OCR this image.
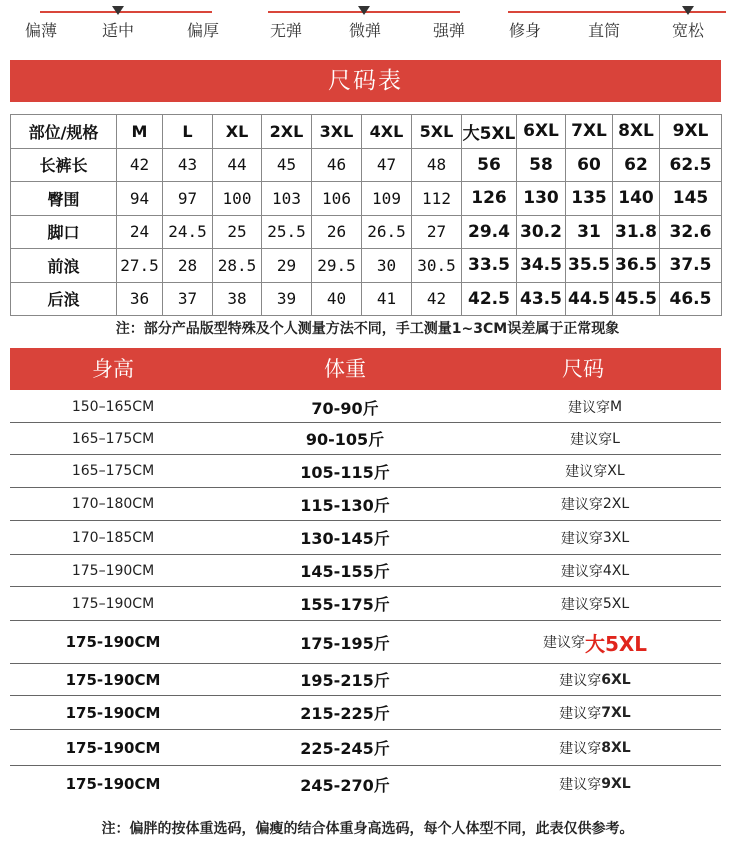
偏薄	适中	偏厚	无弹	微弹	强弹	修身	直筒	宽松
尺码表
部位/规格	M	L	XL	2XL	3XL	4XL	5XL	大5XL	6XL	7XL	8XL	9XL
长裤长	42	43	44	45	46	47	48	56	58	60	62	62.5
臀围	94	97	100	103	106	109	112	126	130	135	140	145
脚口	24	24.5	25	25.5	26	26.5	27	29.4	30.2	31	31.8	32.6
前浪	27.5	28	28.5	29	29.5	30	30.5	33.5	34.5	35.5	36.5	37.5
后浪	36	37	38	39	40	41	42	42.5	43.5	44.5	45.5	46.5
注：部分产品版型特殊及个人测量方法不同，手工测量1~3CM误差属于正常现象
身高	体重	尺码
150–165CM	70-90斤	建议穿 M
165–175CM	90-105斤	建议穿 L
165–175CM	105-115斤	建议穿 XL
170–180CM	115-130斤	建议穿 2XL
170–185CM	130-145斤	建议穿 3XL
175–190CM	145-155斤	建议穿 4XL
175–190CM	155-175斤	建议穿 5XL
175-190CM	175-195斤	建议穿 大5XL
175-190CM	195-215斤	建议穿 6XL
175-190CM	215-225斤	建议穿 7XL
175-190CM	225-245斤	建议穿 8XL
175-190CM	245-270斤	建议穿 9XL
注：偏胖的按体重选码，偏瘦的结合体重身高选码，每个人体型不同，此表仅供参考。
